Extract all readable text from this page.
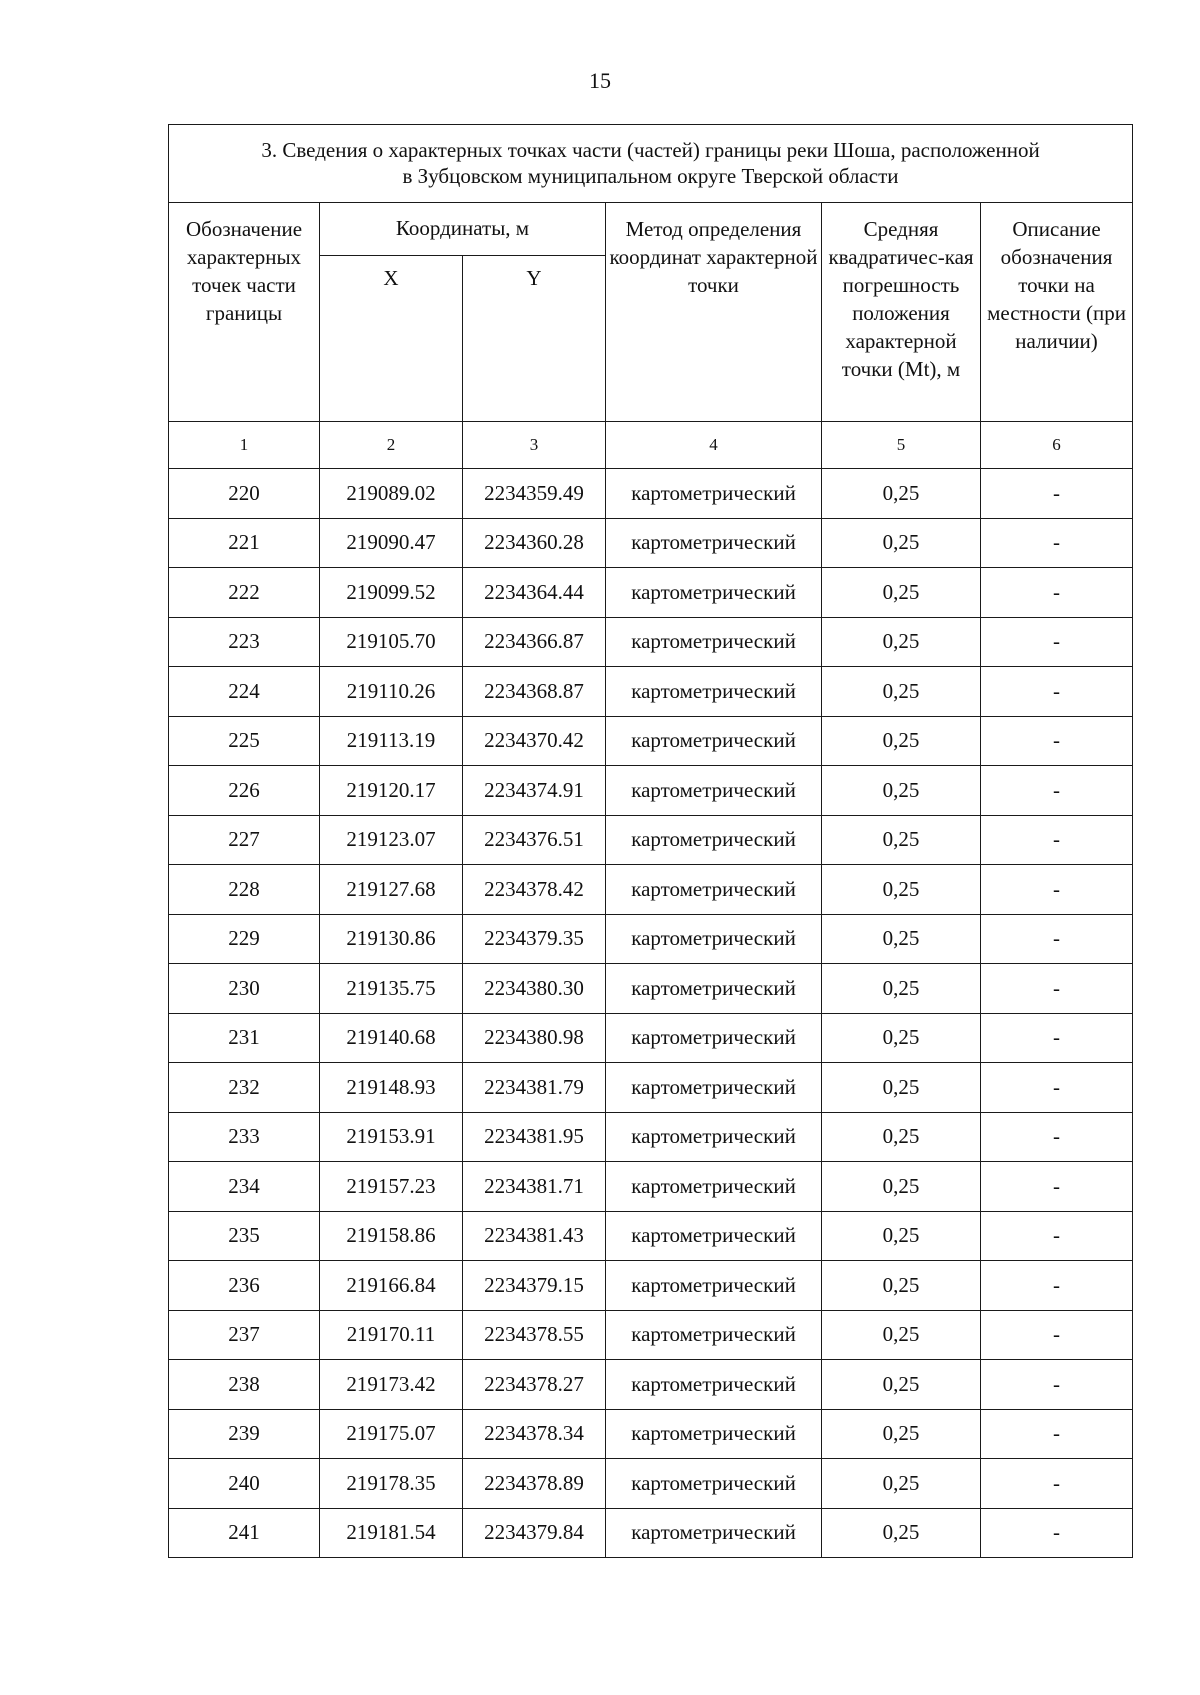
15
3. Сведения о характерных точках части (частей) границы реки Шоша, расположенной
в Зубцовском муниципальном округе Тверской области					
Обозначение характерных точек части границы	Координаты, м		Метод определения координат характерной точки	Средняя квадратичес-кая погрешность положения характерной точки (Mt), м	Описание обозначения точки на местности (при наличии)
	X	Y			
1	2	3	4	5	6
220	219089.02	2234359.49	картометрический	0,25	-
221	219090.47	2234360.28	картометрический	0,25	-
222	219099.52	2234364.44	картометрический	0,25	-
223	219105.70	2234366.87	картометрический	0,25	-
224	219110.26	2234368.87	картометрический	0,25	-
225	219113.19	2234370.42	картометрический	0,25	-
226	219120.17	2234374.91	картометрический	0,25	-
227	219123.07	2234376.51	картометрический	0,25	-
228	219127.68	2234378.42	картометрический	0,25	-
229	219130.86	2234379.35	картометрический	0,25	-
230	219135.75	2234380.30	картометрический	0,25	-
231	219140.68	2234380.98	картометрический	0,25	-
232	219148.93	2234381.79	картометрический	0,25	-
233	219153.91	2234381.95	картометрический	0,25	-
234	219157.23	2234381.71	картометрический	0,25	-
235	219158.86	2234381.43	картометрический	0,25	-
236	219166.84	2234379.15	картометрический	0,25	-
237	219170.11	2234378.55	картометрический	0,25	-
238	219173.42	2234378.27	картометрический	0,25	-
239	219175.07	2234378.34	картометрический	0,25	-
240	219178.35	2234378.89	картометрический	0,25	-
241	219181.54	2234379.84	картометрический	0,25	-
